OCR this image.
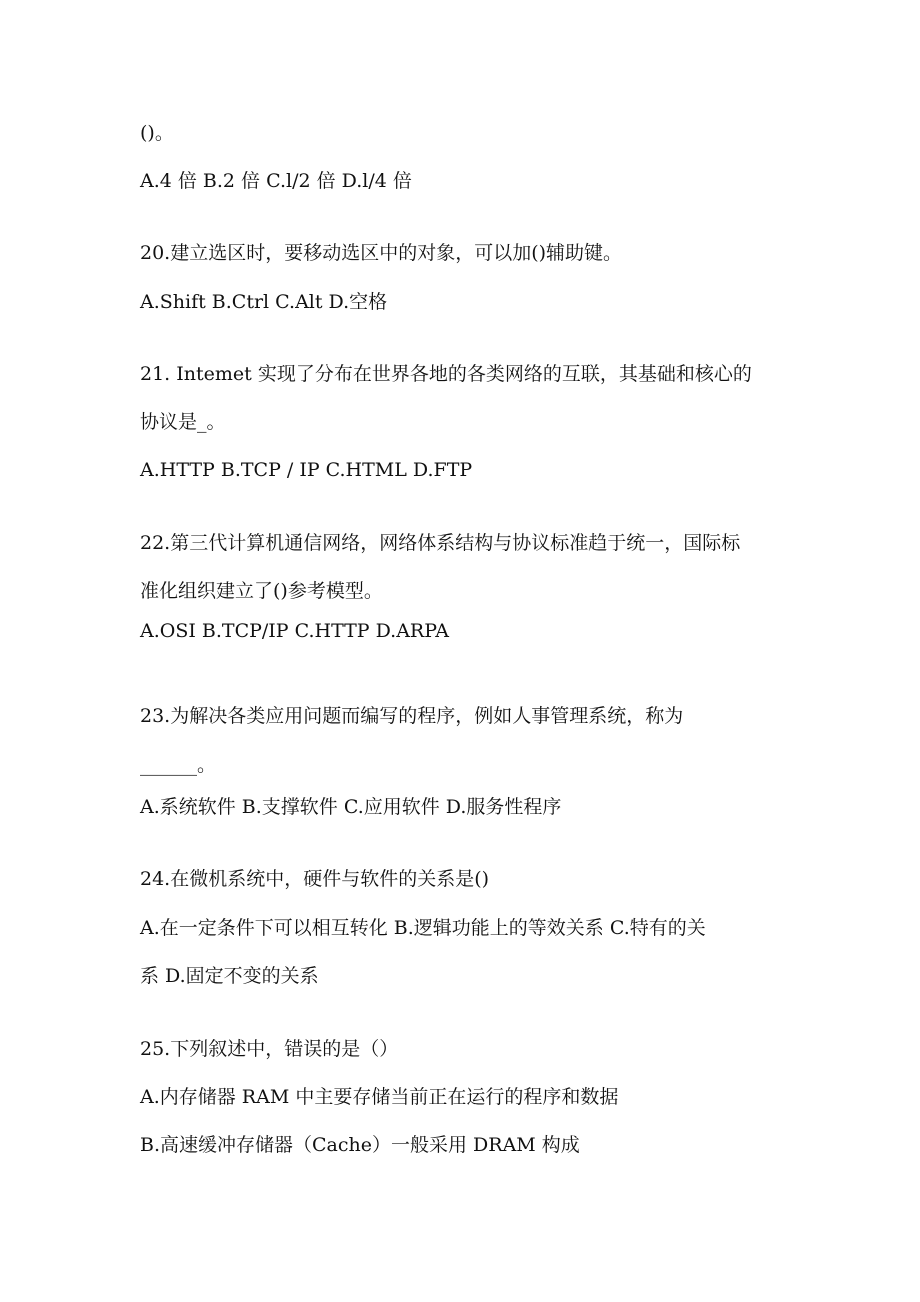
()。

A.4 倍 B.2 倍 C.l/2 倍 D.l/4 倍

20.建立选区时，要移动选区中的对象，可以加()辅助键。

A.Shift B.Ctrl C.Alt D.空格

21. Intemet 实现了分布在世界各地的各类网络的互联，其基础和核心的

协议是_。

A.HTTP B.TCP / IP C.HTML D.FTP

22.第三代计算机通信网络，网络体系结构与协议标准趋于统一，国际标

准化组织建立了()参考模型。

A.OSI B.TCP/IP C.HTTP D.ARPA

23.为解决各类应用问题而编写的程序，例如人事管理系统，称为

______。

A.系统软件 B.支撑软件 C.应用软件 D.服务性程序

24.在微机系统中，硬件与软件的关系是()

A.在一定条件下可以相互转化 B.逻辑功能上的等效关系 C.特有的关

系 D.固定不变的关系

25.下列叙述中，错误的是（）

A.内存储器 RAM 中主要存储当前正在运行的程序和数据

B.高速缓冲存储器（Cache）一般采用 DRAM 构成
